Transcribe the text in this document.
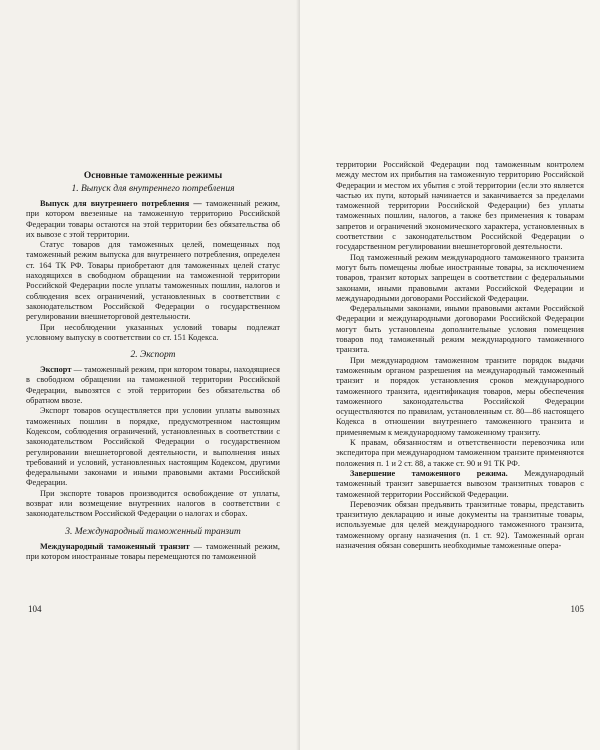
Основные таможенные режимы
1. Выпуск для внутреннего потребления

Выпуск для внутреннего потребления — таможенный режим, при котором ввезенные на таможенную территорию Российской Федерации товары остаются на этой территории без обязательства об их вывозе с этой территории.

Статус товаров для таможенных целей, помещенных под таможенный режим выпуска для внутреннего потребления, определен ст. 164 ТК РФ. Товары приобретают для таможенных целей статус находящихся в свободном обращении на таможенной территории Российской Федерации после уплаты таможенных пошлин, налогов и соблюдения всех ограничений, установленных в соответствии с законодательством Российской Федерации о государственном регулировании внешнеторговой деятельности.

При несоблюдении указанных условий товары подлежат условному выпуску в соответствии со ст. 151 Кодекса.

2. Экспорт

Экспорт — таможенный режим, при котором товары, находящиеся в свободном обращении на таможенной территории Российской Федерации, вывозятся с этой территории без обязательства об обратном ввозе.

Экспорт товаров осуществляется при условии уплаты вывозных таможенных пошлин в порядке, предусмотренном настоящим Кодексом, соблюдения ограничений, установленных в соответствии с законодательством Российской Федерации о государственном регулировании внешнеторговой деятельности, и выполнения иных требований и условий, установленных настоящим Кодексом, другими федеральными законами и иными правовыми актами Российской Федерации.

При экспорте товаров производится освобождение от уплаты, возврат или возмещение внутренних налогов в соответствии с законодательством Российской Федерации о налогах и сборах.

3. Международный таможенный транзит

Международный таможенный транзит — таможенный режим, при котором иностранные товары перемещаются по таможенной

104

территории Российской Федерации под таможенным контролем между местом их прибытия на таможенную территорию Российской Федерации и местом их убытия с этой территории (если это является частью их пути, который начинается и заканчивается за пределами таможенной территории Российской Федерации) без уплаты таможенных пошлин, налогов, а также без применения к товарам запретов и ограничений экономического характера, установленных в соответствии с законодательством Российской Федерации о государственном регулировании внешнеторговой деятельности.

Под таможенный режим международного таможенного транзита могут быть помещены любые иностранные товары, за исключением товаров, транзит которых запрещен в соответствии с федеральными законами, иными правовыми актами Российской Федерации и международными договорами Российской Федерации.

Федеральными законами, иными правовыми актами Российской Федерации и международными договорами Российской Федерации могут быть установлены дополнительные условия помещения товаров под таможенный режим международного таможенного транзита.

При международном таможенном транзите порядок выдачи таможенным органом разрешения на международный таможенный транзит и порядок установления сроков международного таможенного транзита, идентификация товаров, меры обеспечения таможенного законодательства Российской Федерации осуществляются по правилам, установленным ст. 80—86 настоящего Кодекса в отношении внутреннего таможенного транзита и применяемым к международному таможенному транзиту.

К правам, обязанностям и ответственности перевозчика или экспедитора при международном таможенном транзите применяются положения п. 1 и 2 ст. 88, а также ст. 90 и 91 ТК РФ.

Завершение таможенного режима. Международный таможенный транзит завершается вывозом транзитных товаров с таможенной территории Российской Федерации.

Перевозчик обязан предъявить транзитные товары, представить транзитную декларацию и иные документы на транзитные товары, используемые для целей международного таможенного транзита, таможенному органу назначения (п. 1 ст. 92). Таможенный орган назначения обязан совершить необходимые таможенные опера-

105
